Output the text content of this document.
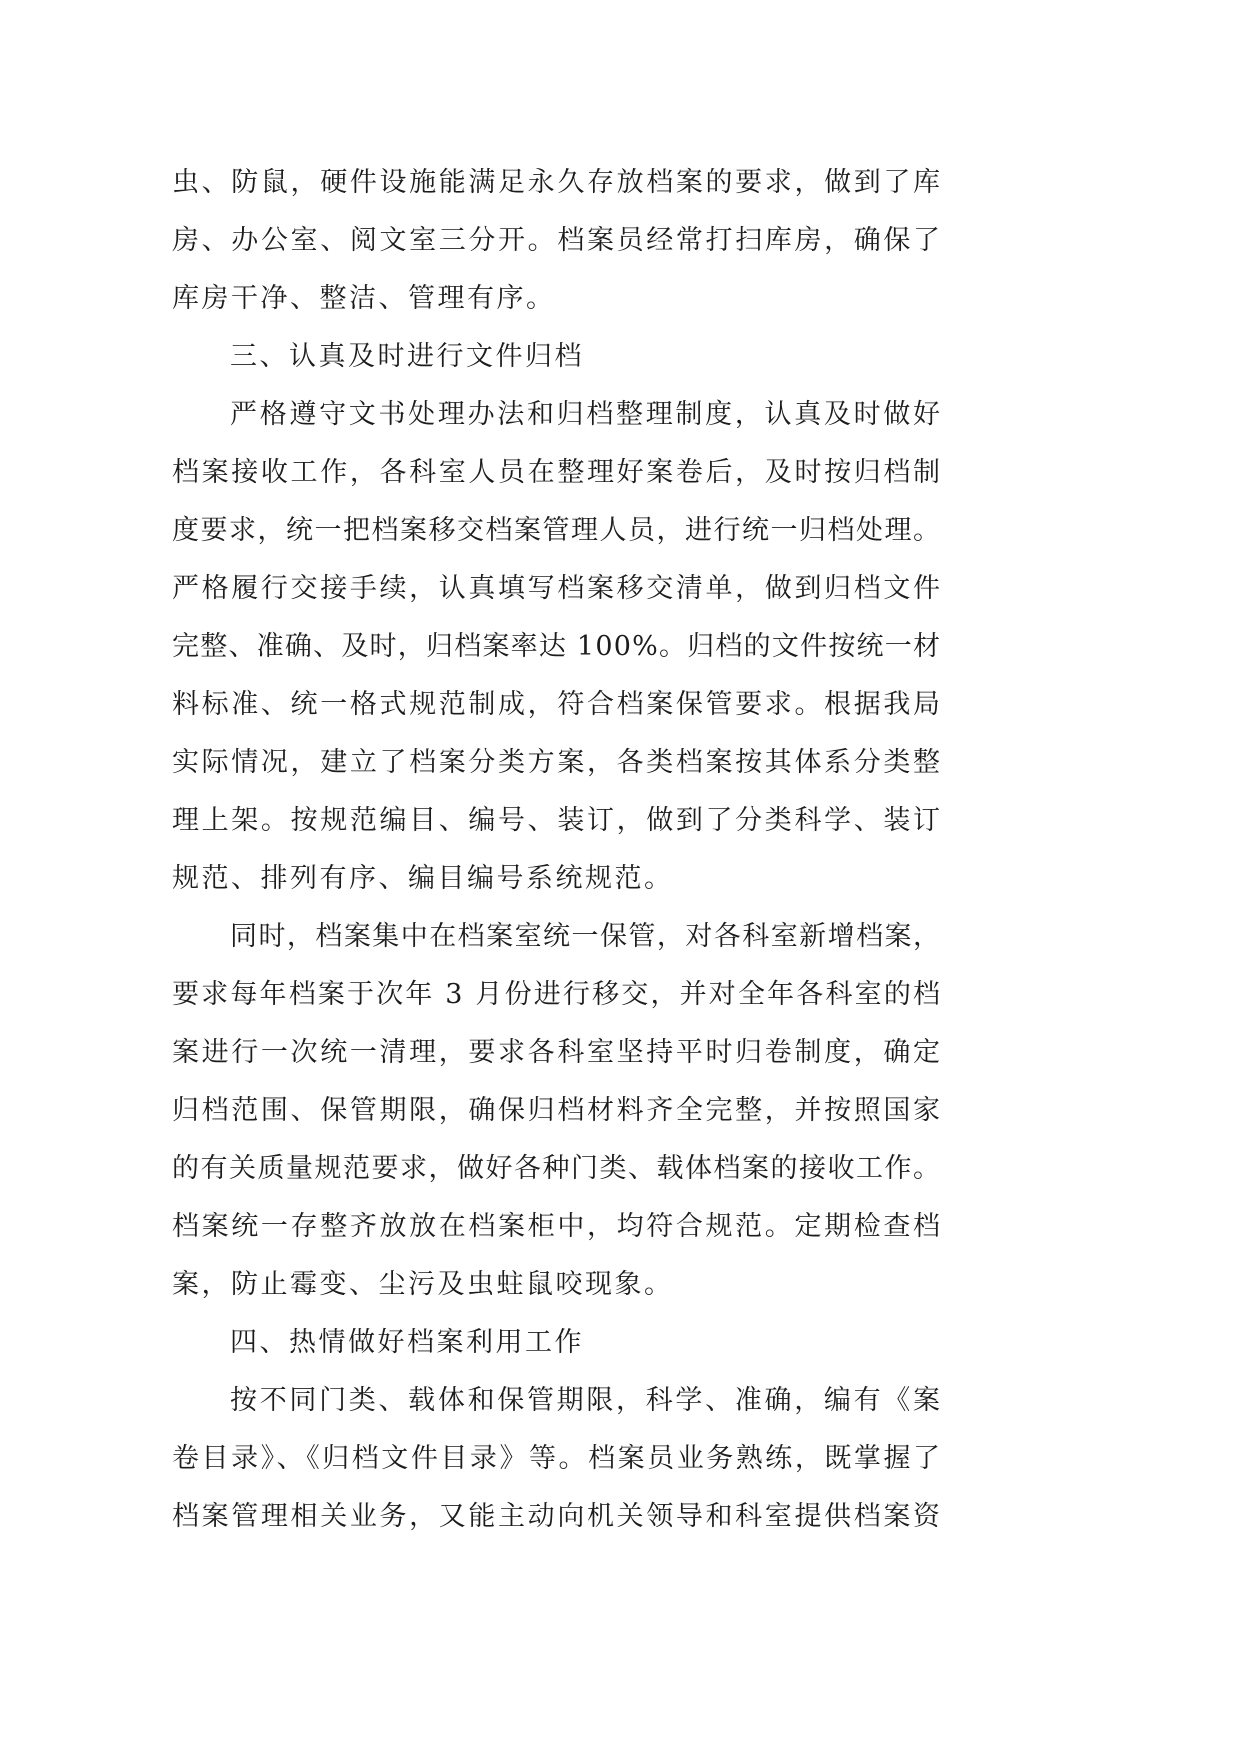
虫、防鼠，硬件设施能满足永久存放档案的要求，做到了库
房、办公室、阅文室三分开。档案员经常打扫库房，确保了
库房干净、整洁、管理有序。
三、认真及时进行文件归档
严格遵守文书处理办法和归档整理制度，认真及时做好
档案接收工作，各科室人员在整理好案卷后，及时按归档制
度要求，统一把档案移交档案管理人员，进行统一归档处理。
严格履行交接手续，认真填写档案移交清单，做到归档文件
完整、准确、及时，归档案率达 100%。归档的文件按统一材
料标准、统一格式规范制成，符合档案保管要求。根据我局
实际情况，建立了档案分类方案，各类档案按其体系分类整
理上架。按规范编目、编号、装订，做到了分类科学、装订
规范、排列有序、编目编号系统规范。
同时，档案集中在档案室统一保管，对各科室新增档案，
要求每年档案于次年 3 月份进行移交，并对全年各科室的档
案进行一次统一清理，要求各科室坚持平时归卷制度，确定
归档范围、保管期限，确保归档材料齐全完整，并按照国家
的有关质量规范要求，做好各种门类、载体档案的接收工作。
档案统一存整齐放放在档案柜中，均符合规范。定期检查档
案，防止霉变、尘污及虫蛀鼠咬现象。
四、热情做好档案利用工作
按不同门类、载体和保管期限，科学、准确，编有《案
卷目录》、《归档文件目录》等。档案员业务熟练，既掌握了
档案管理相关业务，又能主动向机关领导和科室提供档案资
